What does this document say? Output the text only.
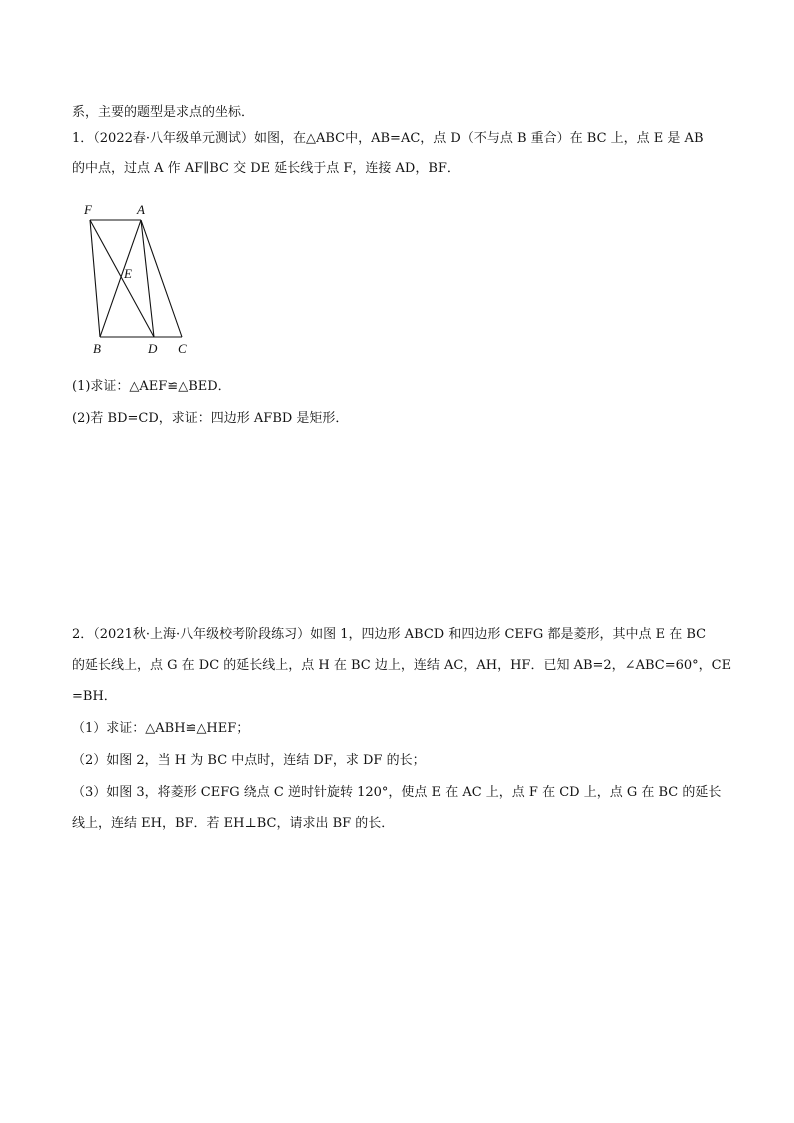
系，主要的题型是求点的坐标．
1．（2022春·八年级单元测试）如图，在△ABC中，AB=AC，点 D（不与点 B 重合）在 BC 上，点 E 是 AB
的中点，过点 A 作 AF∥BC 交 DE 延长线于点 F，连接 AD，BF．
F	A
E
B	D C
(1)求证：△AEF≌△BED．
(2)若 BD=CD，求证：四边形 AFBD 是矩形．
2．（2021秋·上海·八年级校考阶段练习）如图 1，四边形 ABCD 和四边形 CEFG 都是菱形，其中点 E 在 BC
的延长线上，点 G 在 DC 的延长线上，点 H 在 BC 边上，连结 AC，AH，HF．已知 AB=2，∠ABC=60°，CE
=BH．
（1）求证：△ABH≌△HEF；
（2）如图 2，当 H 为 BC 中点时，连结 DF，求 DF 的长；
（3）如图 3，将菱形 CEFG 绕点 C 逆时针旋转 120°，使点 E 在 AC 上，点 F 在 CD 上，点 G 在 BC 的延长
线上，连结 EH，BF．若 EH⊥BC，请求出 BF 的长．
